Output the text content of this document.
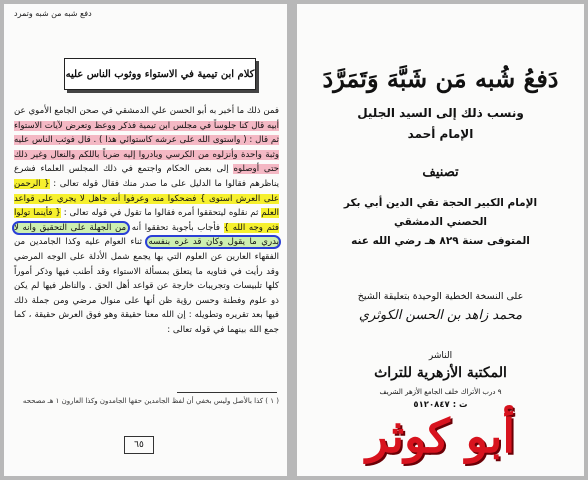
دفع شبه من شبه وتمرد
كلام ابن تيمية في الاستواء ووثوب الناس عليه

فمن ذلك ما أخبر به أبو الحسن علي الدمشقي في صحن الجامع الأموي عن أبيه قال كنا جلوساً في مجلس ابن تيمية فذكر ووعظ وتعرض لآيات الاستواء ثم قال : ( واستوى الله على عرشه كاستوائي هذا ) . قال فوثب الناس عليه وثبة واحدة وأنزلوه من الكرسي وبادروا إليه ضرباً باللكم والنعال وغير ذلك حتى أوصلوه إلى بعض الحكام واجتمع في ذلك المجلس العلماء فشرع يناظرهم فقالوا ما الدليل على ما صدر منك فقال قوله تعالى : { الرحمن على العرش استوى } فضحكوا منه وعرفوا أنه جاهل لا يجري على قواعد العلم ثم نقلوه ليتحققوا أمره فقالوا ما تقول في قوله تعالى : { فأينما تولوا فثم وجه الله } فأجاب بأجوبة تحققوا أنه من الجهلة على التحقيق وأنه لا يدري ما يقول وكان قد غره بنفسه ثناء العوام عليه وكذا الجامدين من الفقهاء العارين عن العلوم التي بها يجمع شمل الأدلة على الوجه المرضي وقد رأيت في فتاويه ما يتعلق بمسألة الاستواء وقد أطنب فيها وذكر أموراً كلها تلبيسات وتجريبات خارجة عن قواعد أهل الحق . والناظر فيها لم يكن ذو علوم وفطنة وحسن رؤية ظن أنها على منوال مرضي ومن جملة ذلك فيها بعد تقريره وتطويله : إن الله معنا حقيقة وهو فوق العرش حقيقة ، كما جمع الله بينهما في قوله تعالى :

( ١ ) كذا بالأصل وليس بخفي أن لفظ الجامدين حقها الجامدون وكذا العارون ١ هـ مصححه
٦٥
دَفعُ شُبه مَن شَبَّهَ وَتَمَرَّدَ
ونسب ذلك إلى السيد الجليل
الإمام أحمد
تصنيف
الإمام الكبير الحجة تقي الدين أبي بكر
الحصني الدمشقي
المتوفى سنة ٨٢٩ هـ رضي الله عنه
على النسخة الخطية الوحيدة بتعليقة الشيخ
محمد زاهد بن الحسن الكوثري
الناشر
المكتبة الأزهرية للتراث
٩ درب الأتراك خلف الجامع الأزهر الشريف
ت : ٥١٢٠٨٤٧
أبو كوثر
